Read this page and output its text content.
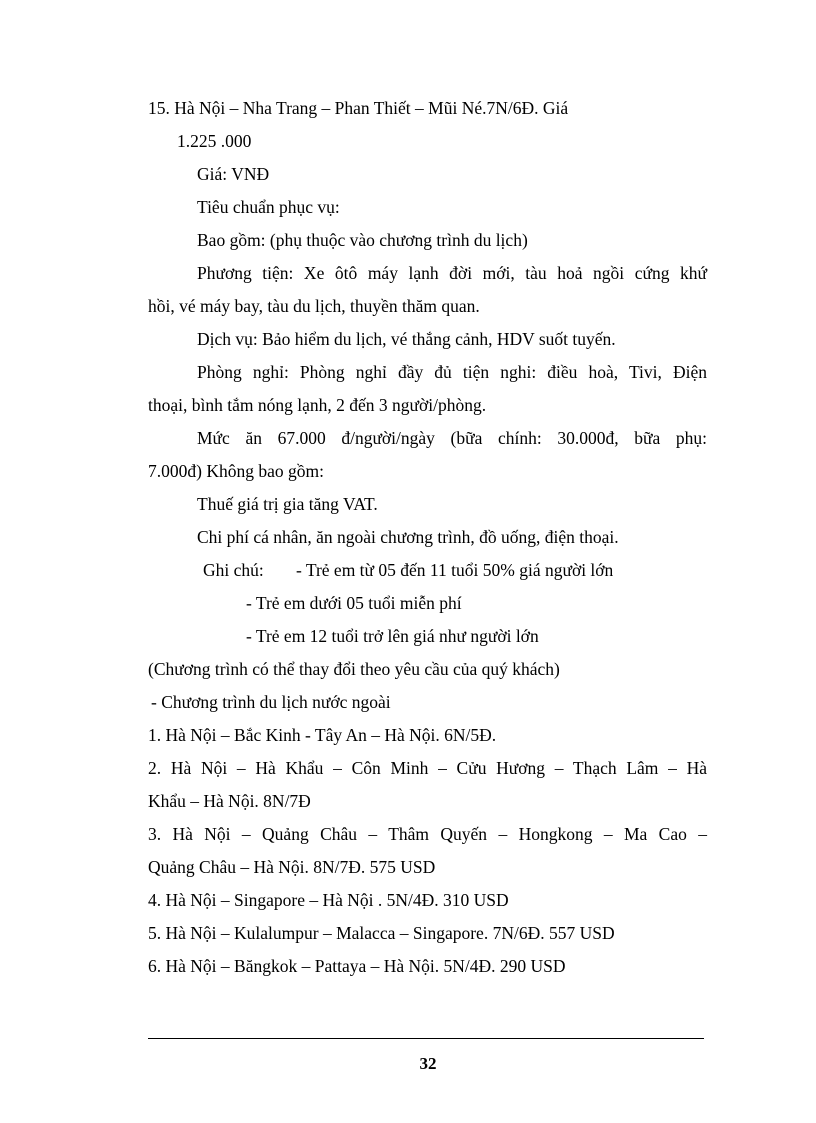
15. Hà Nội – Nha Trang – Phan Thiết – Mũi Né.7N/6Đ. Giá
1.225 .000
Giá: VNĐ
Tiêu chuẩn phục vụ:
Bao gồm: (phụ thuộc vào chương trình du lịch)
Phương tiện: Xe ôtô máy lạnh đời mới, tàu hoả ngồi cứng khứ
hồi, vé máy bay, tàu du lịch, thuyền thăm quan.
Dịch vụ: Bảo hiểm du lịch, vé thắng cảnh, HDV suốt tuyến.
Phòng nghỉ: Phòng nghỉ đầy đủ tiện nghi: điều hoà, Tivi, Điện
thoại, bình tắm nóng lạnh, 2 đến 3 người/phòng.
Mức ăn 67.000 đ/người/ngày (bữa chính: 30.000đ, bữa phụ:
7.000đ) Không bao gồm:
Thuế giá trị gia tăng VAT.
Chi phí cá nhân, ăn ngoài chương trình, đồ uống, điện thoại.
Ghi chú: - Trẻ em từ 05 đến 11 tuổi 50% giá người lớn
- Trẻ em dưới 05 tuổi miễn phí
- Trẻ em 12 tuổi trở lên giá như người lớn
(Chương trình có thể thay đổi theo yêu cầu của quý khách)
- Chương trình du lịch nước ngoài
1. Hà Nội – Bắc Kinh - Tây An – Hà Nội. 6N/5Đ.
2. Hà Nội – Hà Khẩu – Côn Minh – Cửu Hương – Thạch Lâm – Hà
Khẩu – Hà Nội. 8N/7Đ
3. Hà Nội – Quảng Châu – Thâm Quyến – Hongkong – Ma Cao –
Quảng Châu – Hà Nội. 8N/7Đ. 575 USD
4. Hà Nội – Singapore – Hà Nội . 5N/4Đ. 310 USD
5. Hà Nội – Kulalumpur – Malacca – Singapore. 7N/6Đ. 557 USD
6. Hà Nội – Băngkok – Pattaya – Hà Nội. 5N/4Đ. 290 USD
32
